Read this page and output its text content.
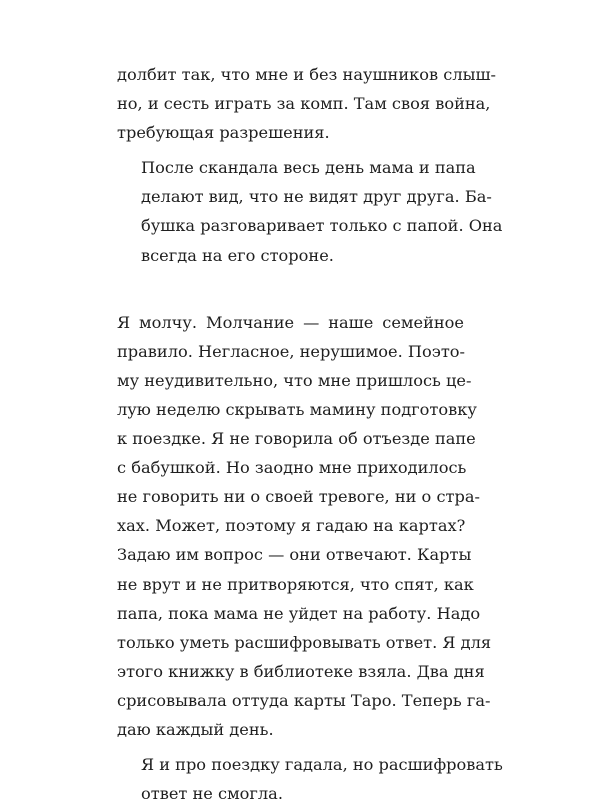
долбит так, что мне и без наушников слыш-
но, и сесть играть за комп. Там своя война,
требующая разрешения.

После скандала весь день мама и папа
делают вид, что не видят друг друга. Ба-
бушка разговаривает только с папой. Она
всегда на его стороне.

Я молчу. Молчание — наше семейное
правило. Негласное, нерушимое. Поэто-
му неудивительно, что мне пришлось це-
лую неделю скрывать мамину подготовку
к поездке. Я не говорила об отъезде папе
с бабушкой. Но заодно мне приходилось
не говорить ни о своей тревоге, ни о стра-
хах. Может, поэтому я гадаю на картах?
Задаю им вопрос — они отвечают. Карты
не врут и не притворяются, что спят, как
папа, пока мама не уйдет на работу. Надо
только уметь расшифровывать ответ. Я для
этого книжку в библиотеке взяла. Два дня
срисовывала оттуда карты Таро. Теперь га-
даю каждый день.

Я и про поездку гадала, но расшифровать
ответ не смогла.
